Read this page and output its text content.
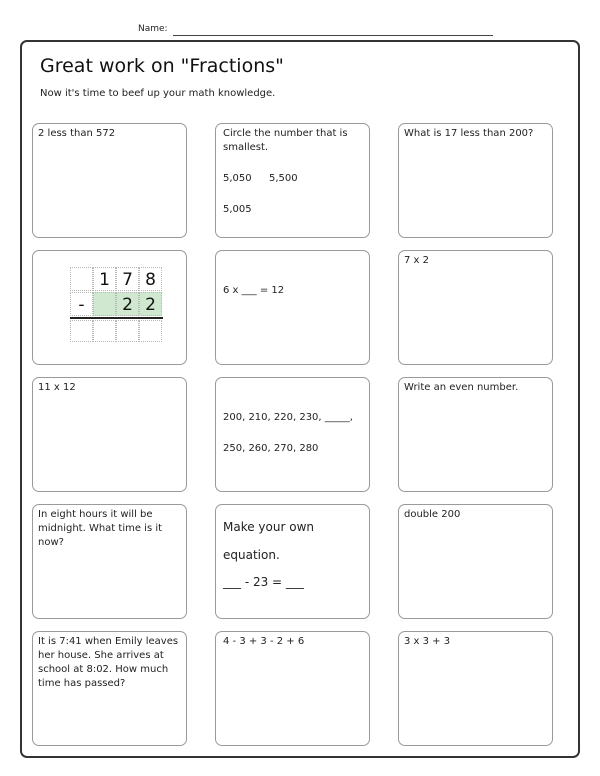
Name:
Great work on "Fractions"
Now it's time to beef up your math knowledge.
2 less than 572	Circle the number that is smallest.
5,050 5,500
5,005
What is 17 less than 200?
1 7 8
-	2 2
6 x ___ = 12
7 x 2
11 x 12
200, 210, 220, 230, _____,
250, 260, 270, 280
Write an even number.
In eight hours it will be midnight. What time is it now?
Make your own
equation.
___ - 23 = ___
double 200
It is 7:41 when Emily leaves her house. She arrives at school at 8:02. How much time has passed?
4 - 3 + 3 - 2 + 6	3 x 3 + 3
